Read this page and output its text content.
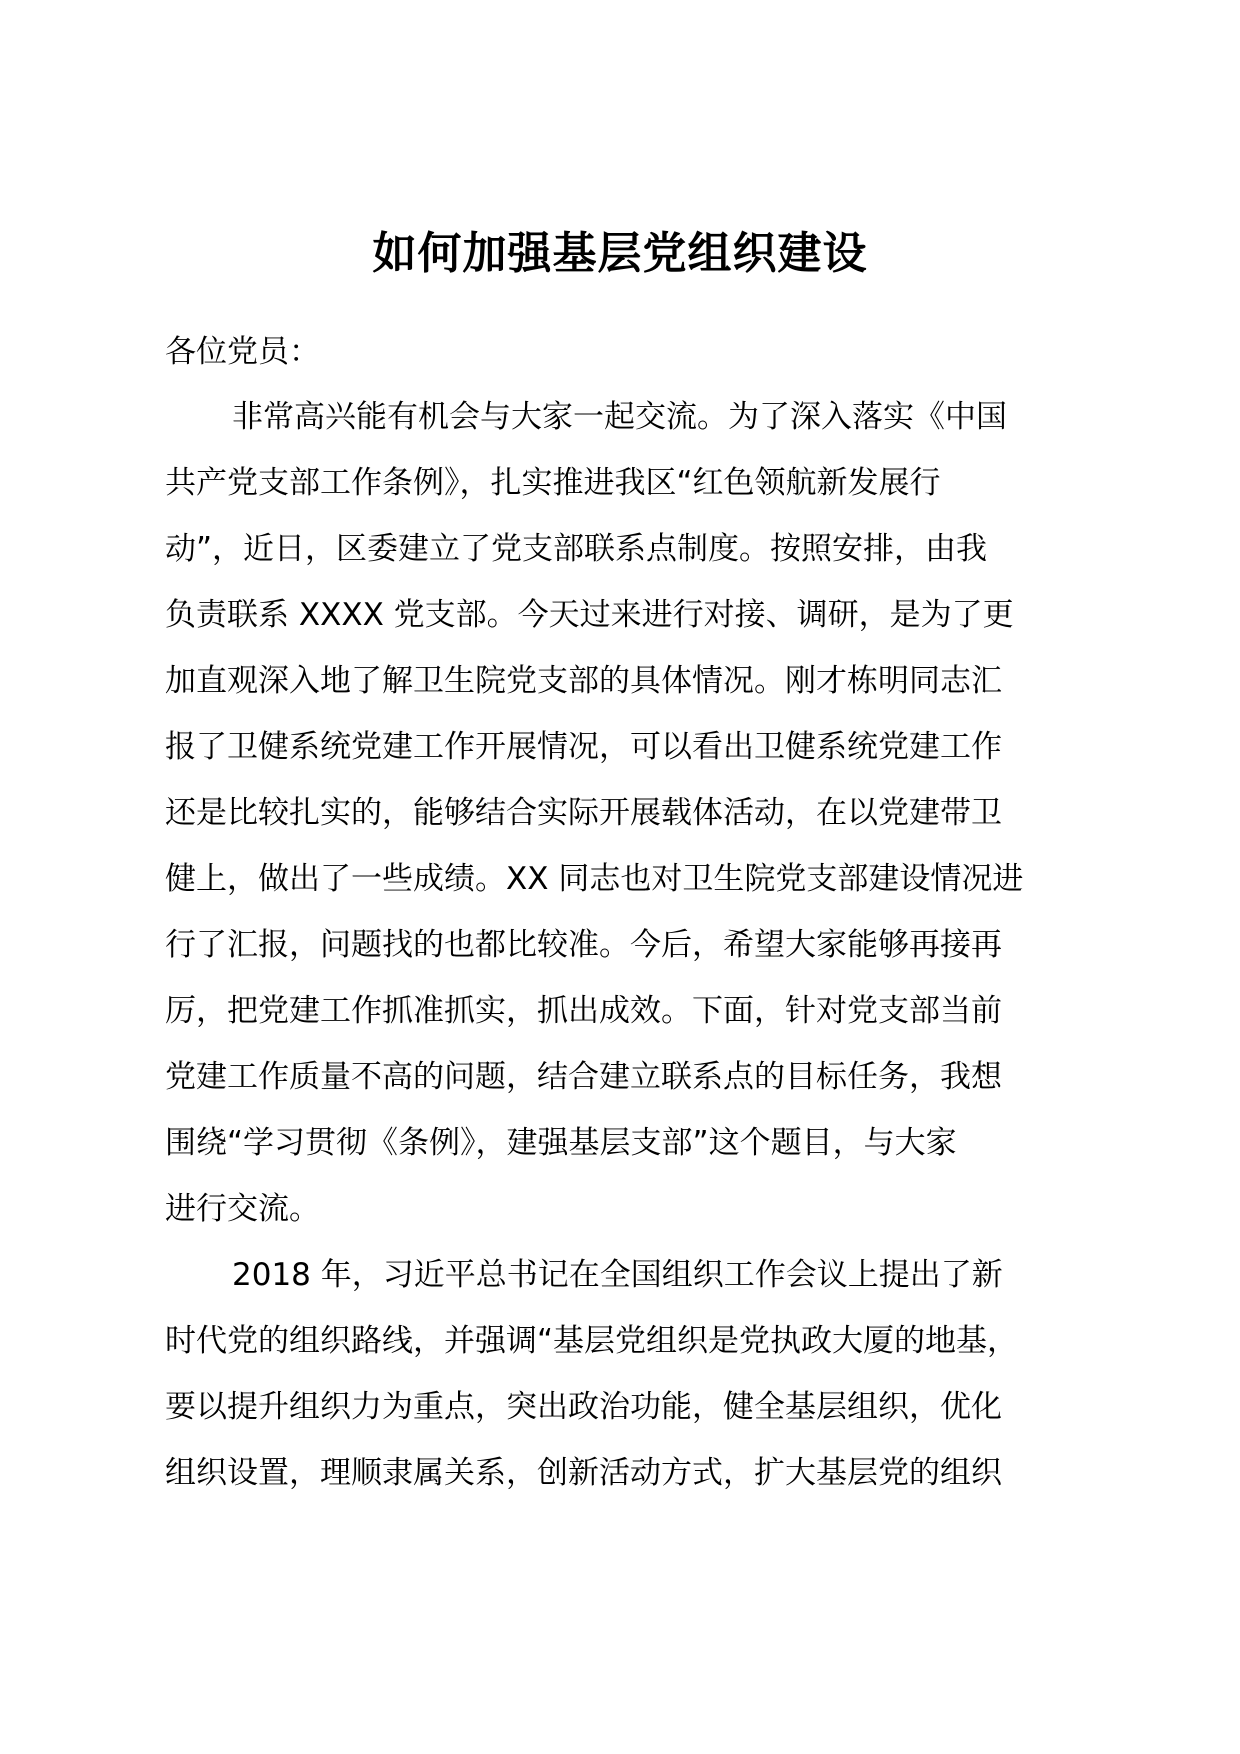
如何加强基层党组织建设
各位党员：
非常高兴能有机会与大家一起交流。为了深入落实《中国
共产党支部工作条例》，扎实推进我区“红色领航新发展行
动”，近日，区委建立了党支部联系点制度。按照安排，由我
负责联系 XXXX 党支部。今天过来进行对接、调研，是为了更
加直观深入地了解卫生院党支部的具体情况。刚才栋明同志汇
报了卫健系统党建工作开展情况，可以看出卫健系统党建工作
还是比较扎实的，能够结合实际开展载体活动，在以党建带卫
健上，做出了一些成绩。XX 同志也对卫生院党支部建设情况进
行了汇报，问题找的也都比较准。今后，希望大家能够再接再
厉，把党建工作抓准抓实，抓出成效。下面，针对党支部当前
党建工作质量不高的问题，结合建立联系点的目标任务，我想
围绕“学习贯彻《条例》，建强基层支部”这个题目，与大家
进行交流。
2018 年，习近平总书记在全国组织工作会议上提出了新
时代党的组织路线，并强调“基层党组织是党执政大厦的地基，
要以提升组织力为重点，突出政治功能，健全基层组织，优化
组织设置，理顺隶属关系，创新活动方式，扩大基层党的组织
